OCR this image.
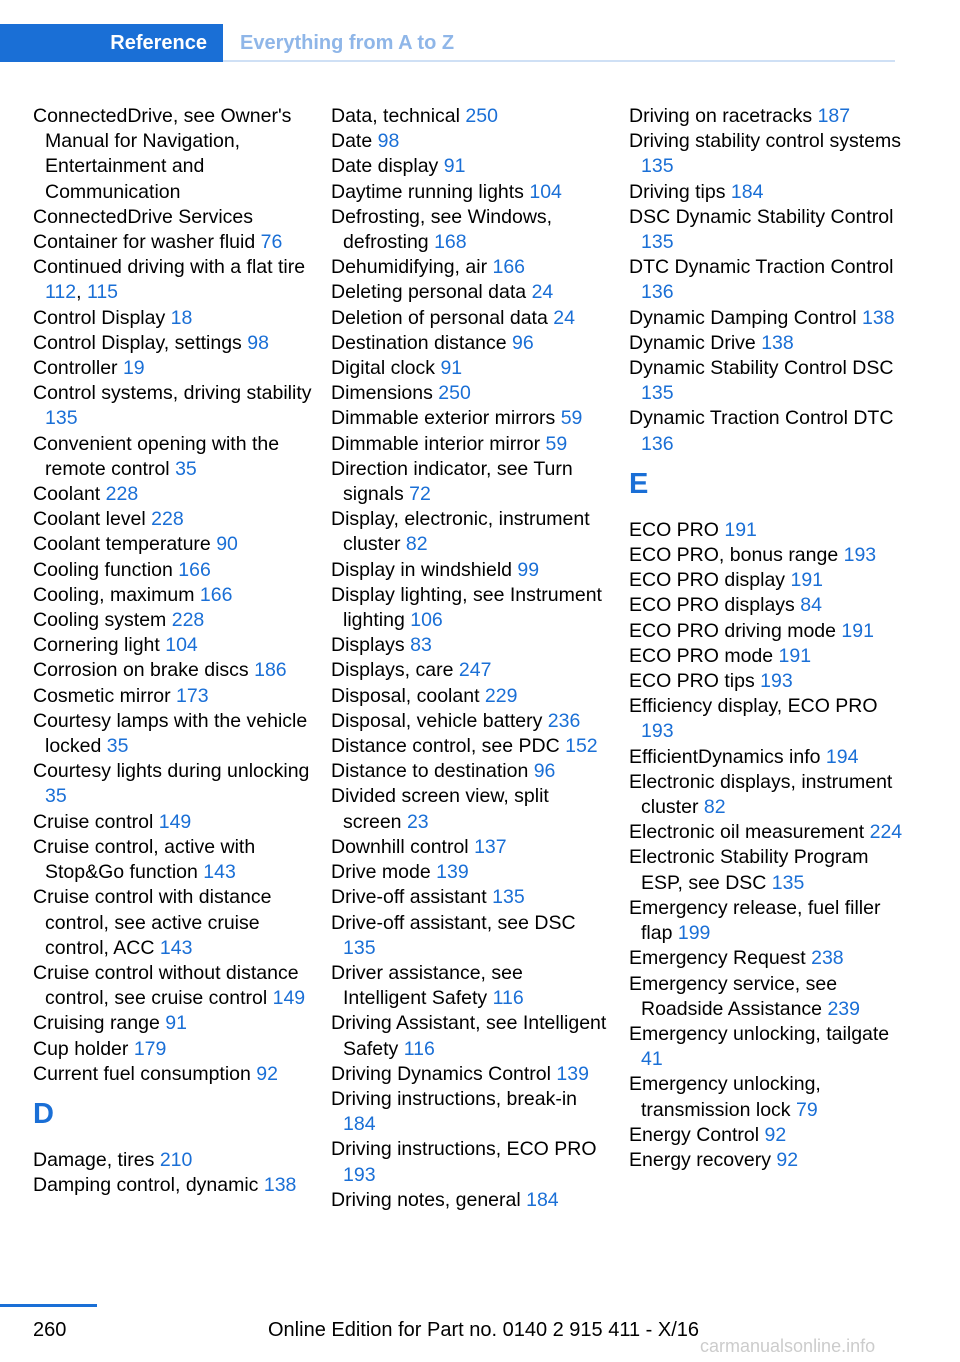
Reference	Everything from A to Z
ConnectedDrive, see Owner's Manual for Navigation, Entertainment and Communication
ConnectedDrive Services
Container for washer fluid 76
Continued driving with a flat tire 112, 115
Control Display 18
Control Display, settings 98
Controller 19
Control systems, driving stability 135
Convenient opening with the remote control 35
Coolant 228
Coolant level 228
Coolant temperature 90
Cooling function 166
Cooling, maximum 166
Cooling system 228
Cornering light 104
Corrosion on brake discs 186
Cosmetic mirror 173
Courtesy lamps with the vehicle locked 35
Courtesy lights during unlocking 35
Cruise control 149
Cruise control, active with Stop&Go function 143
Cruise control with distance control, see active cruise control, ACC 143
Cruise control without distance control, see cruise control 149
Cruising range 91
Cup holder 179
Current fuel consumption 92
D
Damage, tires 210
Damping control, dynamic 138
Data, technical 250
Date 98
Date display 91
Daytime running lights 104
Defrosting, see Windows, defrosting 168
Dehumidifying, air 166
Deleting personal data 24
Deletion of personal data 24
Destination distance 96
Digital clock 91
Dimensions 250
Dimmable exterior mirrors 59
Dimmable interior mirror 59
Direction indicator, see Turn signals 72
Display, electronic, instrument cluster 82
Display in windshield 99
Display lighting, see Instrument lighting 106
Displays 83
Displays, care 247
Disposal, coolant 229
Disposal, vehicle battery 236
Distance control, see PDC 152
Distance to destination 96
Divided screen view, split screen 23
Downhill control 137
Drive mode 139
Drive-off assistant 135
Drive-off assistant, see DSC 135
Driver assistance, see Intelligent Safety 116
Driving Assistant, see Intelligent Safety 116
Driving Dynamics Control 139
Driving instructions, break-in 184
Driving instructions, ECO PRO 193
Driving notes, general 184
Driving on racetracks 187
Driving stability control systems 135
Driving tips 184
DSC Dynamic Stability Control 135
DTC Dynamic Traction Control 136
Dynamic Damping Control 138
Dynamic Drive 138
Dynamic Stability Control DSC 135
Dynamic Traction Control DTC 136
E
ECO PRO 191
ECO PRO, bonus range 193
ECO PRO display 191
ECO PRO displays 84
ECO PRO driving mode 191
ECO PRO mode 191
ECO PRO tips 193
Efficiency display, ECO PRO 193
EfficientDynamics info 194
Electronic displays, instrument cluster 82
Electronic oil measurement 224
Electronic Stability Program ESP, see DSC 135
Emergency release, fuel filler flap 199
Emergency Request 238
Emergency service, see Roadside Assistance 239
Emergency unlocking, tailgate 41
Emergency unlocking, transmission lock 79
Energy Control 92
Energy recovery 92
260	Online Edition for Part no. 0140 2 915 411 - X/16
carmanualsonline.info
